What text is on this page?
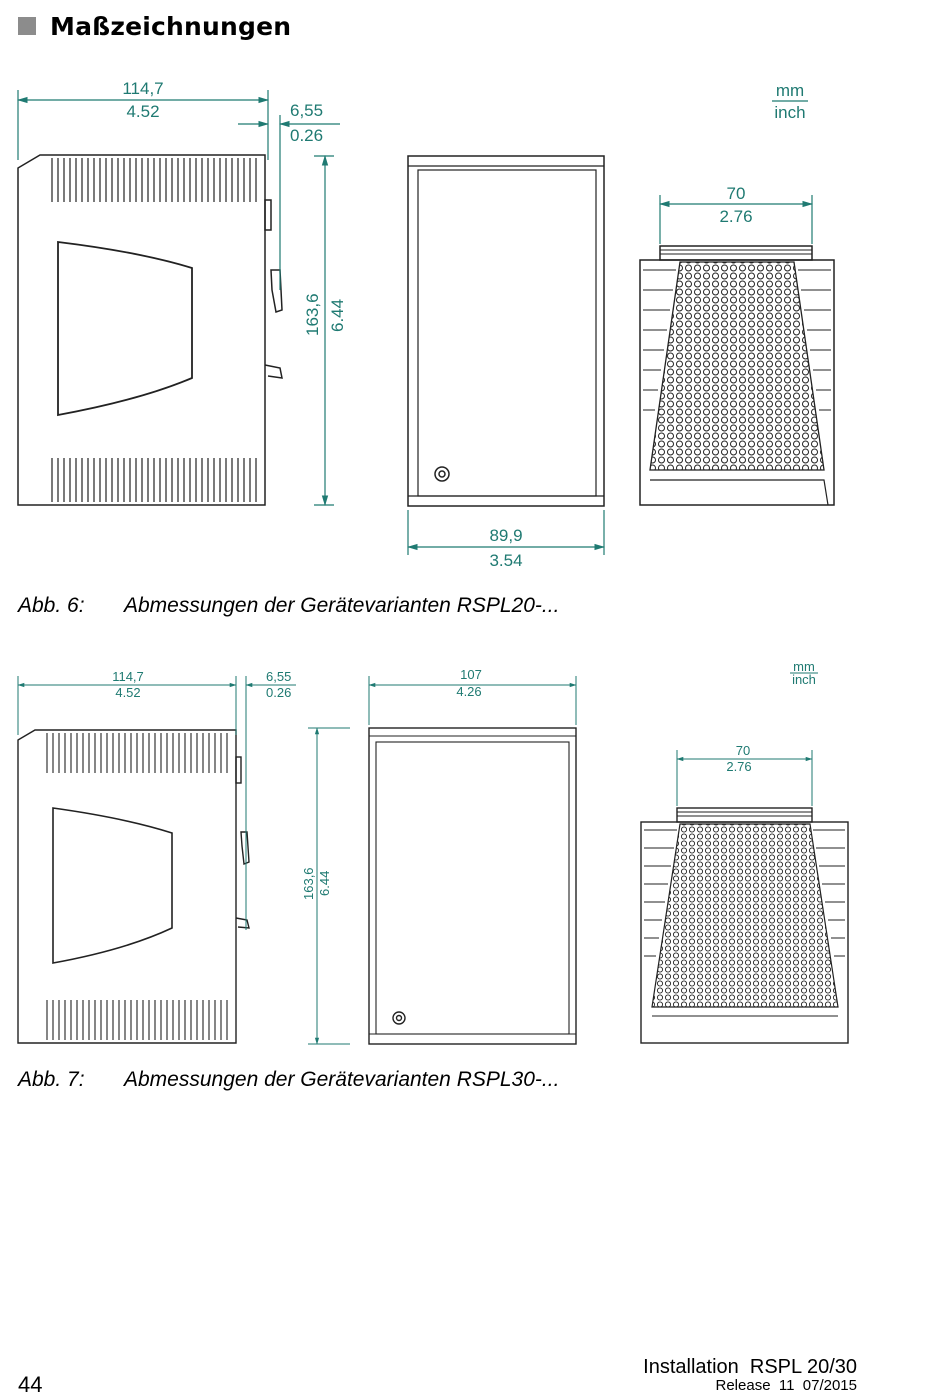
Maßzeichnungen
114,7
4.52	6,55
0.26
163,6 6.44
89,9
3.54
70
2.76
mm
inch
Abb. 6: Abmessungen der Gerätevarianten RSPL20-...
114,7
4.52
6,55
0.26
107
4.26
163,6 6.44
70
2.76
mm
inch
Abb. 7: Abmessungen der Gerätevarianten RSPL30-...
44
Installation  RSPL 20/30
Release  11  07/2015
